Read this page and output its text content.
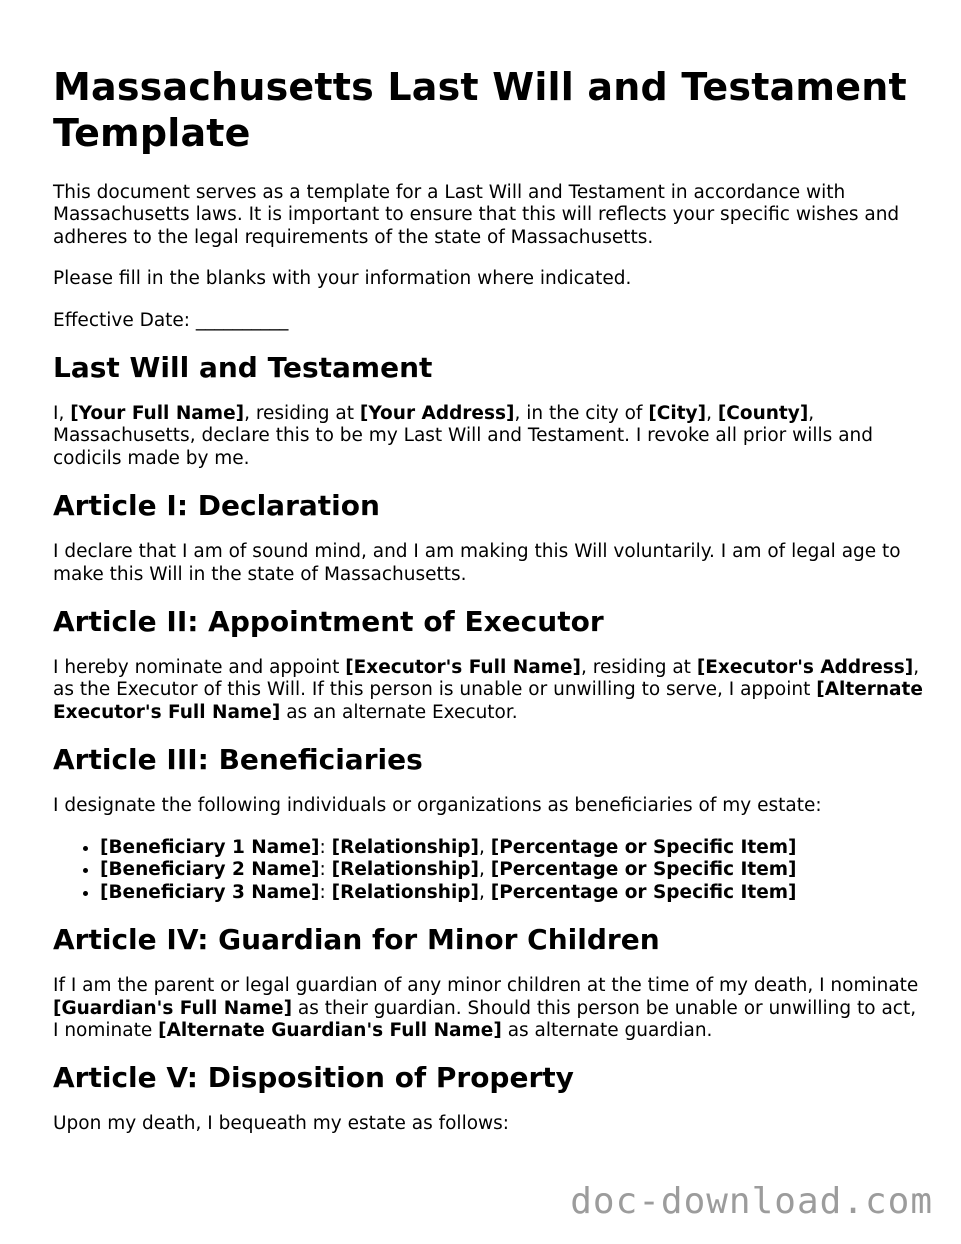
Massachusetts Last Will and Testament Template

This document serves as a template for a Last Will and Testament in accordance with Massachusetts laws. It is important to ensure that this will reflects your specific wishes and adheres to the legal requirements of the state of Massachusetts.

Please fill in the blanks with your information where indicated.

Effective Date: __________

Last Will and Testament

I, [Your Full Name], residing at [Your Address], in the city of [City], [County], Massachusetts, declare this to be my Last Will and Testament. I revoke all prior wills and codicils made by me.

Article I: Declaration

I declare that I am of sound mind, and I am making this Will voluntarily. I am of legal age to make this Will in the state of Massachusetts.

Article II: Appointment of Executor

I hereby nominate and appoint [Executor's Full Name], residing at [Executor's Address], as the Executor of this Will. If this person is unable or unwilling to serve, I appoint [Alternate Executor's Full Name] as an alternate Executor.

Article III: Beneficiaries

I designate the following individuals or organizations as beneficiaries of my estate:

• [Beneficiary 1 Name]: [Relationship], [Percentage or Specific Item]
• [Beneficiary 2 Name]: [Relationship], [Percentage or Specific Item]
• [Beneficiary 3 Name]: [Relationship], [Percentage or Specific Item]
Article IV: Guardian for Minor Children

If I am the parent or legal guardian of any minor children at the time of my death, I nominate [Guardian's Full Name] as their guardian. Should this person be unable or unwilling to act, I nominate [Alternate Guardian's Full Name] as alternate guardian.

Article V: Disposition of Property

Upon my death, I bequeath my estate as follows:

doc-download.com
